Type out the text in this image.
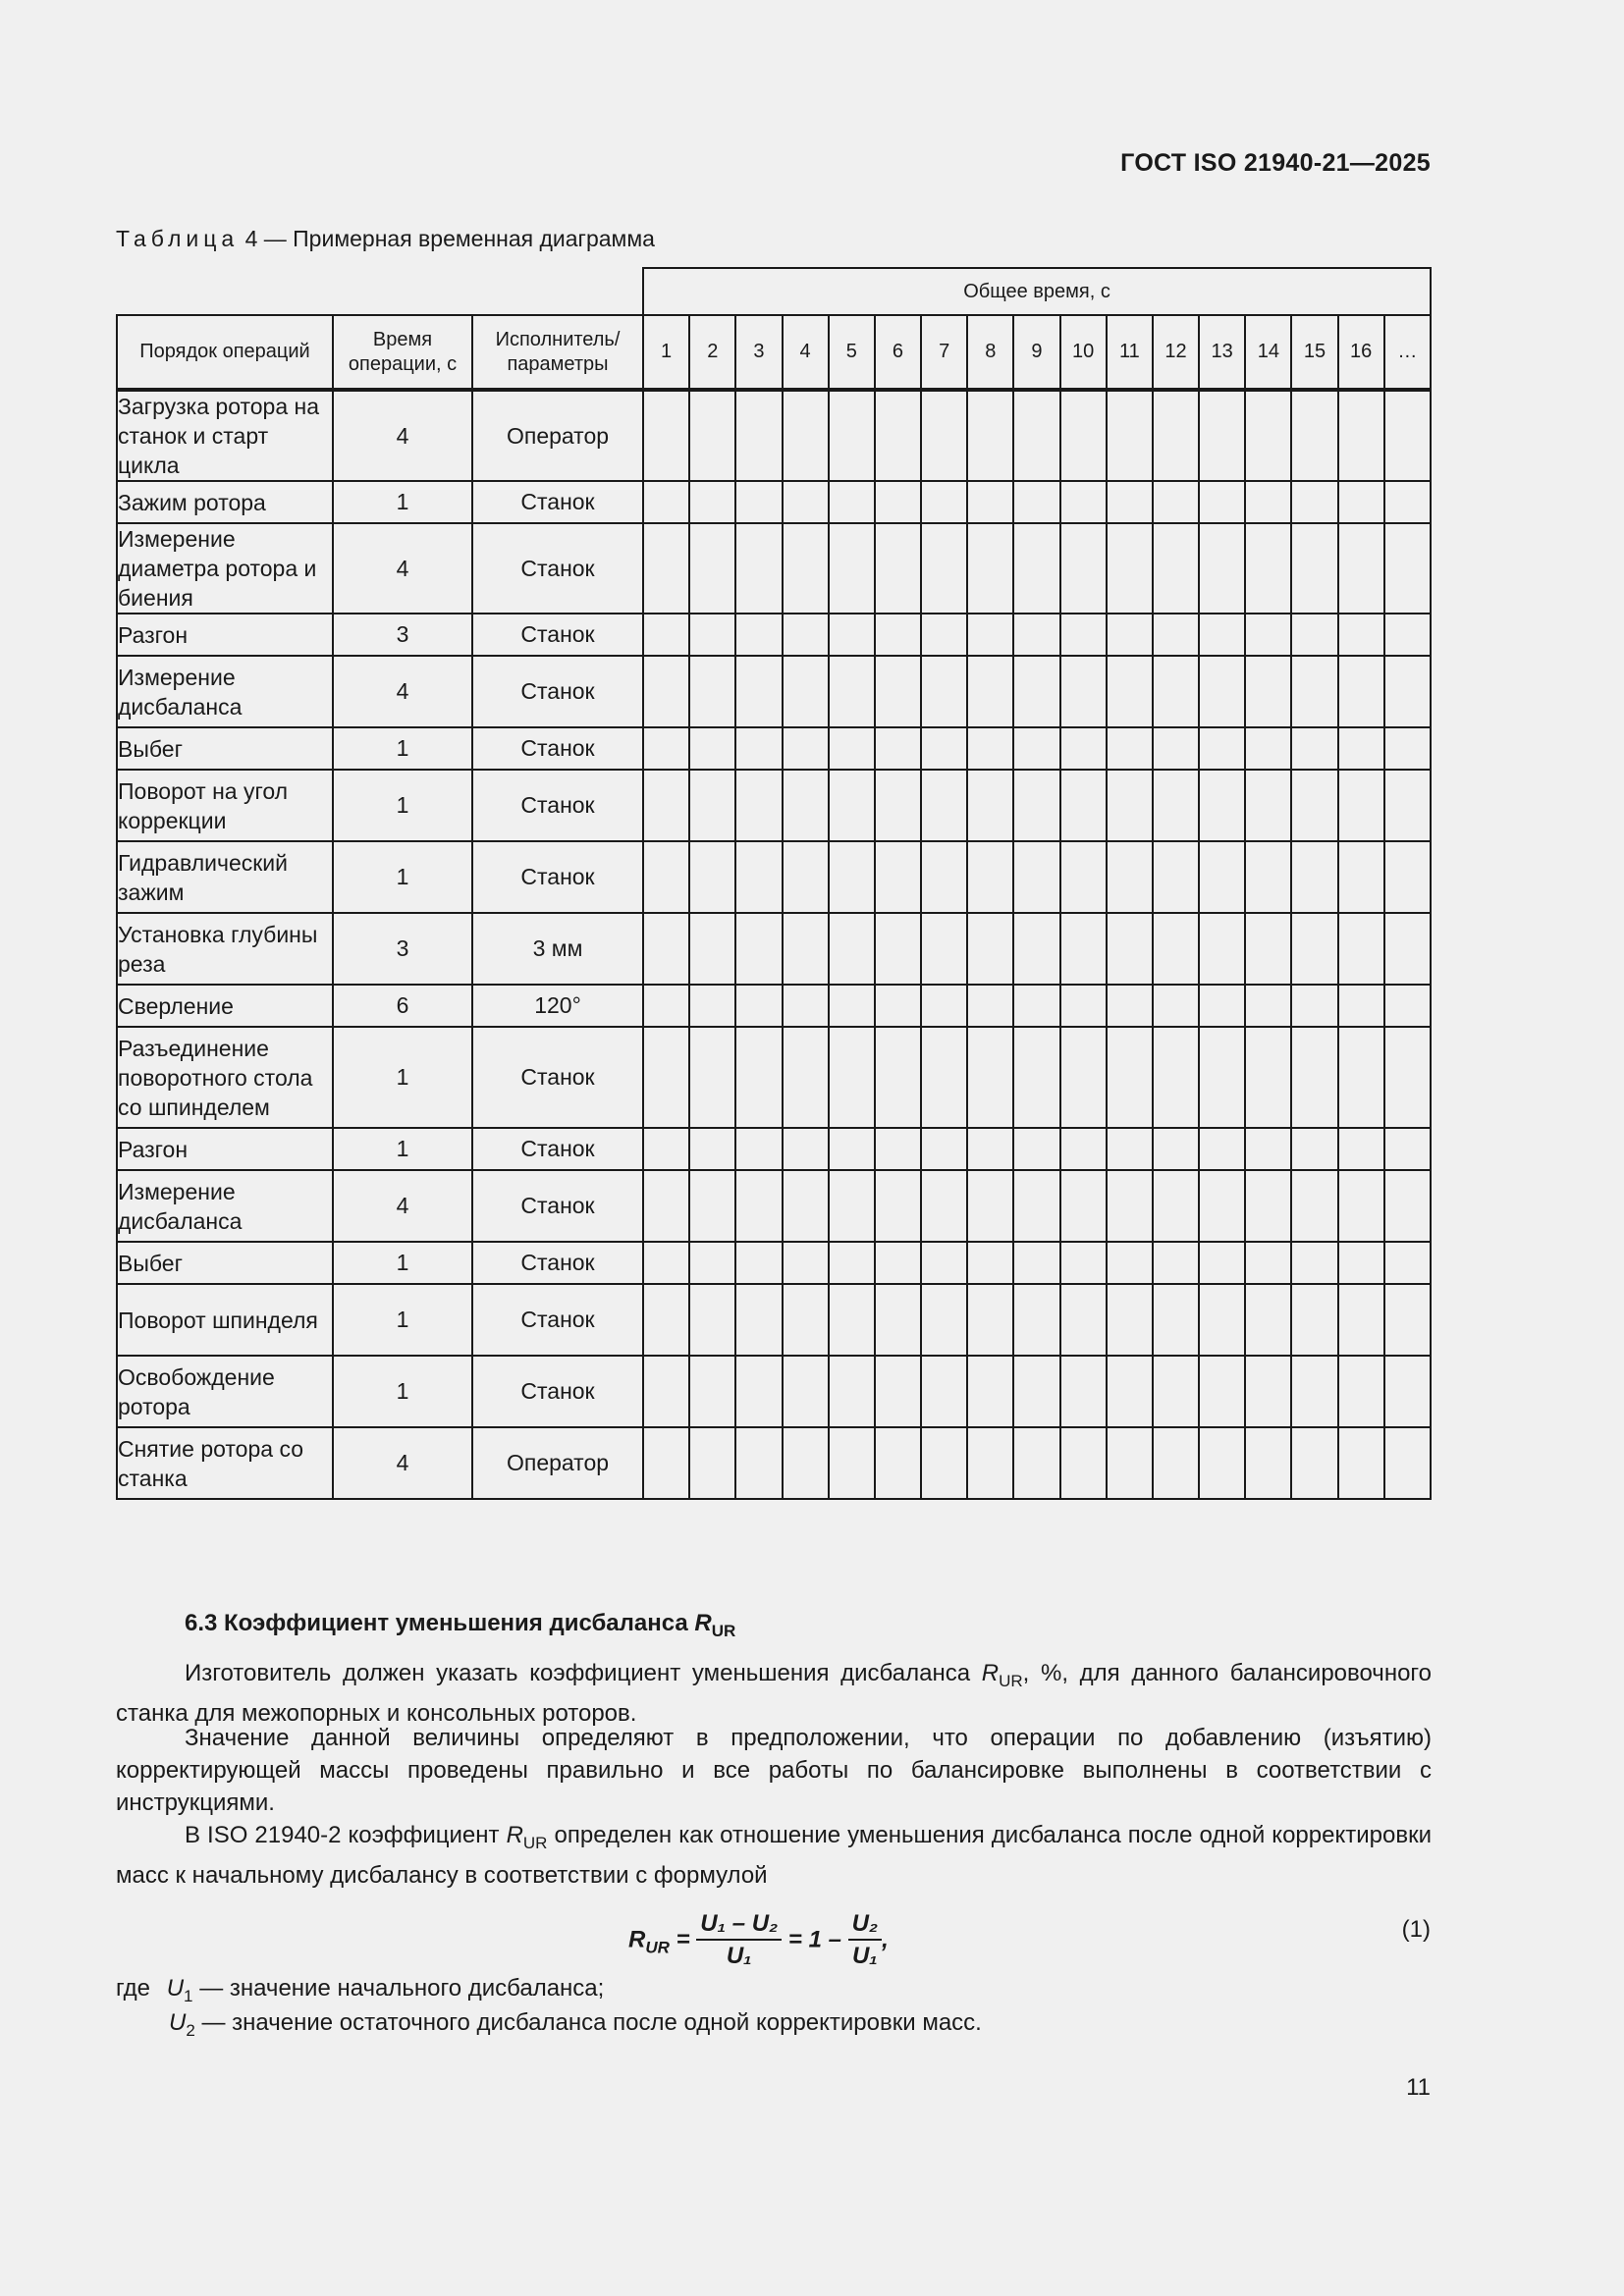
ГОСТ ISO 21940-21—2025
Таблица 4 — Примерная временная диаграмма
			Общее время, с																
Порядок операций	Время операции, с	Исполнитель/ параметры	1	2	3	4	5	6	7	8	9	10	11	12	13	14	15	16	…
Загрузка ротора на станок и старт цикла	4	Оператор																	
Зажим ротора	1	Станок																	
Измерение диаметра ротора и биения	4	Станок																	
Разгон	3	Станок																	
Измерение дисбаланса	4	Станок																	
Выбег	1	Станок																	
Поворот на угол коррекции	1	Станок																	
Гидравлический зажим	1	Станок																	
Установка глубины реза	3	3 мм																	
Сверление	6	120°																	
Разъединение поворотного стола со шпинделем	1	Станок																	
Разгон	1	Станок																	
Измерение дисбаланса	4	Станок																	
Выбег	1	Станок																	
Поворот шпинделя	1	Станок																	
Освобождение ротора	1	Станок																	
Снятие ротора со станка	4	Оператор																	
6.3 Коэффициент уменьшения дисбаланса $R_{UR}$
Изготовитель должен указать коэффициент уменьшения дисбаланса $R_{UR}$, %, для данного балансировочного станка для межопорных и консольных роторов.
Значение данной величины определяют в предположении, что операции по добавлению (изъятию) корректирующей массы проведены правильно и все работы по балансировке выполнены в соответствии с инструкциями.
В ISO 21940-2 коэффициент $R_{UR}$ определен как отношение уменьшения дисбаланса после одной корректировки масс к начальному дисбалансу в соответствии с формулой
$R_{UR} = \frac{\text{U₁ – U₂}}{\text{U₁}} = 1 - \frac{\text{U₂}}{\text{U₁}}$ ,	(1)
где $U_1$ — значение начального дисбаланса;
$U_2$ — значение остаточного дисбаланса после одной корректировки масс.
11
